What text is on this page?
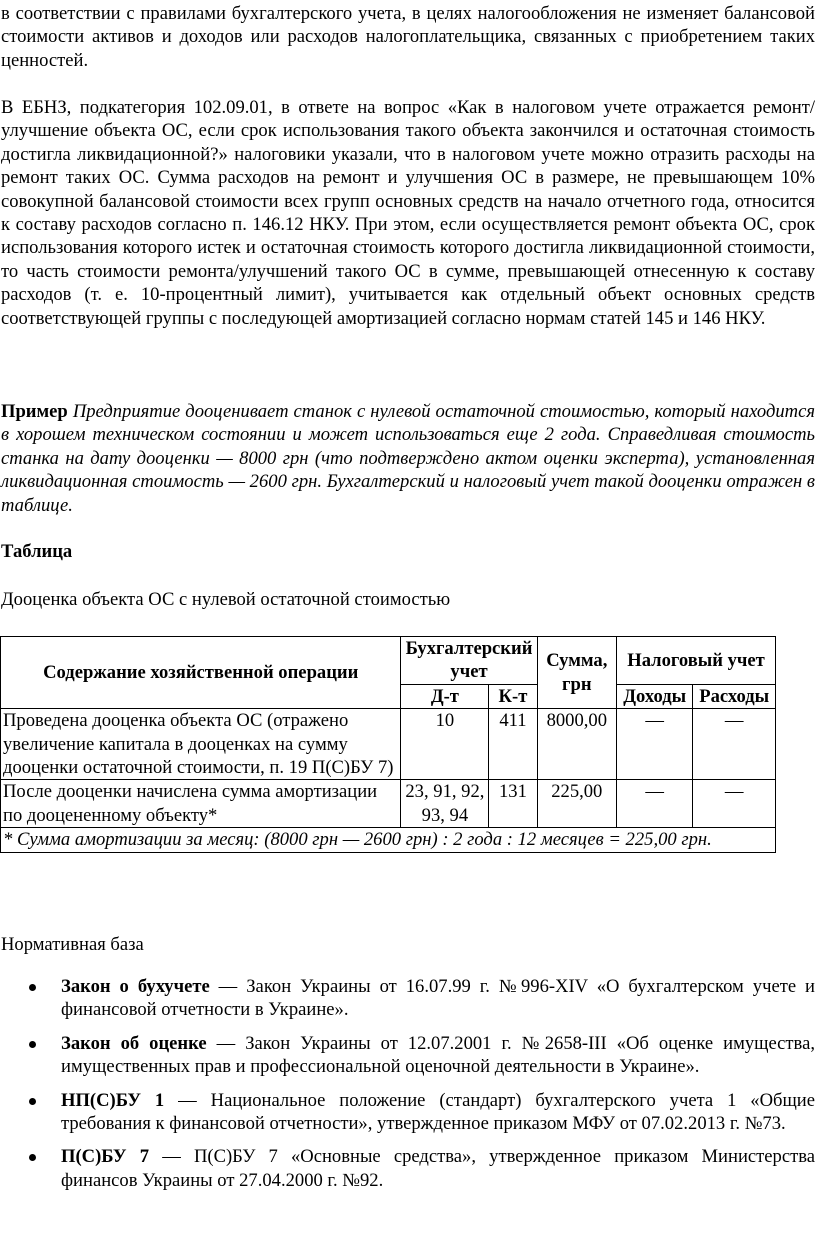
в соответствии с правилами бухгалтерского учета, в целях налогообложения не изменяет балансовой стоимости активов и доходов или расходов налогоплательщика, связанных с приобретением таких ценностей.

В ЕБНЗ, подкатегория 102.09.01, в ответе на вопрос «Как в налоговом учете отражается ремонт/улучшение объекта ОС, если срок использования такого объекта закончился и остаточная стоимость достигла ликвидационной?» налоговики указали, что в налоговом учете можно отразить расходы на ремонт таких ОС. Сумма расходов на ремонт и улучшения ОС в размере, не превышающем 10% совокупной балансовой стоимости всех групп основных средств на начало отчетного года, относится к составу расходов согласно п. 146.12 НКУ. При этом, если осуществляется ремонт объекта ОС, срок использования которого истек и остаточная стоимость которого достигла ликвидационной стоимости, то часть стоимости ремонта/улучшений такого ОС в сумме, превышающей отнесенную к составу расходов (т. е. 10-процентный лимит), учитывается как отдельный объект основных средств соответствующей группы с последующей амортизацией согласно нормам статей 145 и 146 НКУ.

Пример Предприятие дооценивает станок с нулевой остаточной стоимостью, который находится в хорошем техническом состоянии и может использоваться еще 2 года. Справедливая стоимость станка на дату дооценки — 8000 грн (что подтверждено актом оценки эксперта), установленная ликвидационная стоимость — 2600 грн. Бухгалтерский и налоговый учет такой дооценки отражен в таблице.

Таблица

Дооценка объекта ОС с нулевой остаточной стоимостью

Содержание хозяйственной операции	Бухгалтерский учет		Сумма, грн	Налоговый учет	
	Д-т	К-т		Доходы	Расходы
Проведена дооценка объекта ОС (отражено увеличение капитала в дооценках на сумму дооценки остаточной стоимости, п. 19 П(С)БУ 7)	10	411	8000,00	—	—
После дооценки начислена сумма амортизации по дооцененному объекту*	23, 91, 92, 93, 94	131	225,00	—	—
* Сумма амортизации за месяц: (8000 грн — 2600 грн) : 2 года : 12 месяцев = 225,00 грн.					

Нормативная база

Закон о бухучете — Закон Украины от 16.07.99 г. №996-XIV «О бухгалтерском учете и финансовой отчетности в Украине».
Закон об оценке — Закон Украины от 12.07.2001 г. №2658-III «Об оценке имущества, имущественных прав и профессиональной оценочной деятельности в Украине».
НП(С)БУ 1 — Национальное положение (стандарт) бухгалтерского учета 1 «Общие требования к финансовой отчетности», утвержденное приказом МФУ от 07.02.2013 г. №73.
П(С)БУ 7 — П(С)БУ 7 «Основные средства», утвержденное приказом Министерства финансов Украины от 27.04.2000 г. №92.
